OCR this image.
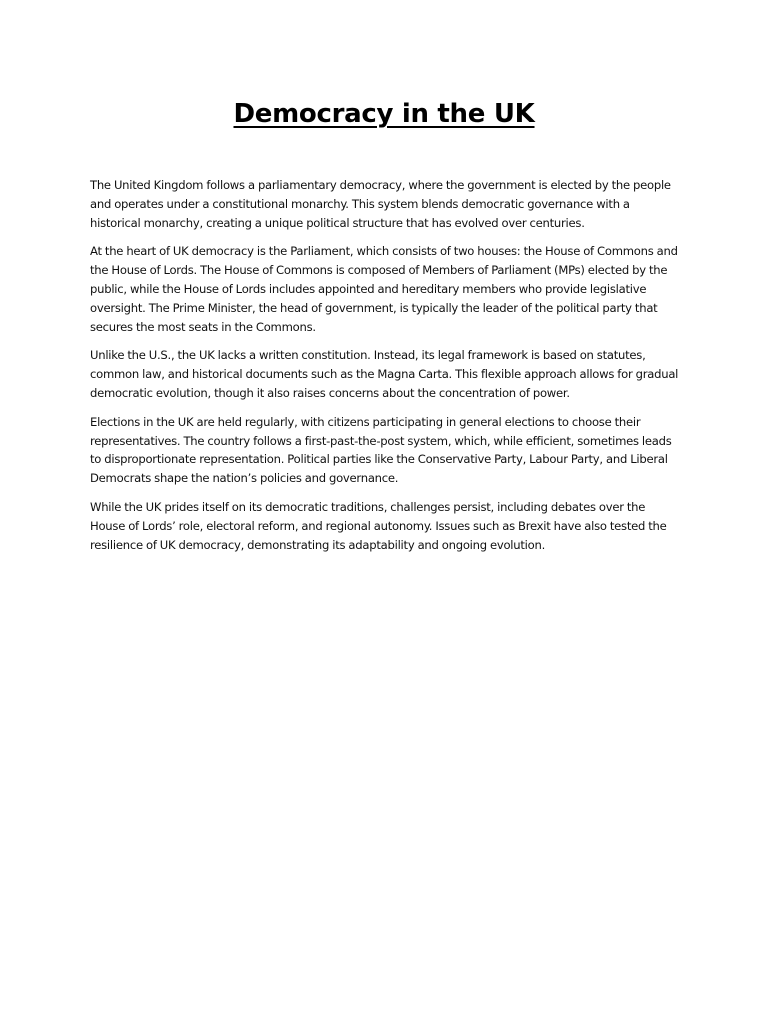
Democracy in the UK

The United Kingdom follows a parliamentary democracy, where the government is elected by the people and operates under a constitutional monarchy. This system blends democratic governance with a historical monarchy, creating a unique political structure that has evolved over centuries.

At the heart of UK democracy is the Parliament, which consists of two houses: the House of Commons and the House of Lords. The House of Commons is composed of Members of Parliament (MPs) elected by the public, while the House of Lords includes appointed and hereditary members who provide legislative oversight. The Prime Minister, the head of government, is typically the leader of the political party that secures the most seats in the Commons.

Unlike the U.S., the UK lacks a written constitution. Instead, its legal framework is based on statutes, common law, and historical documents such as the Magna Carta. This flexible approach allows for gradual democratic evolution, though it also raises concerns about the concentration of power.

Elections in the UK are held regularly, with citizens participating in general elections to choose their representatives. The country follows a first-past-the-post system, which, while efficient, sometimes leads to disproportionate representation. Political parties like the Conservative Party, Labour Party, and Liberal Democrats shape the nation’s policies and governance.

While the UK prides itself on its democratic traditions, challenges persist, including debates over the House of Lords’ role, electoral reform, and regional autonomy. Issues such as Brexit have also tested the resilience of UK democracy, demonstrating its adaptability and ongoing evolution.
